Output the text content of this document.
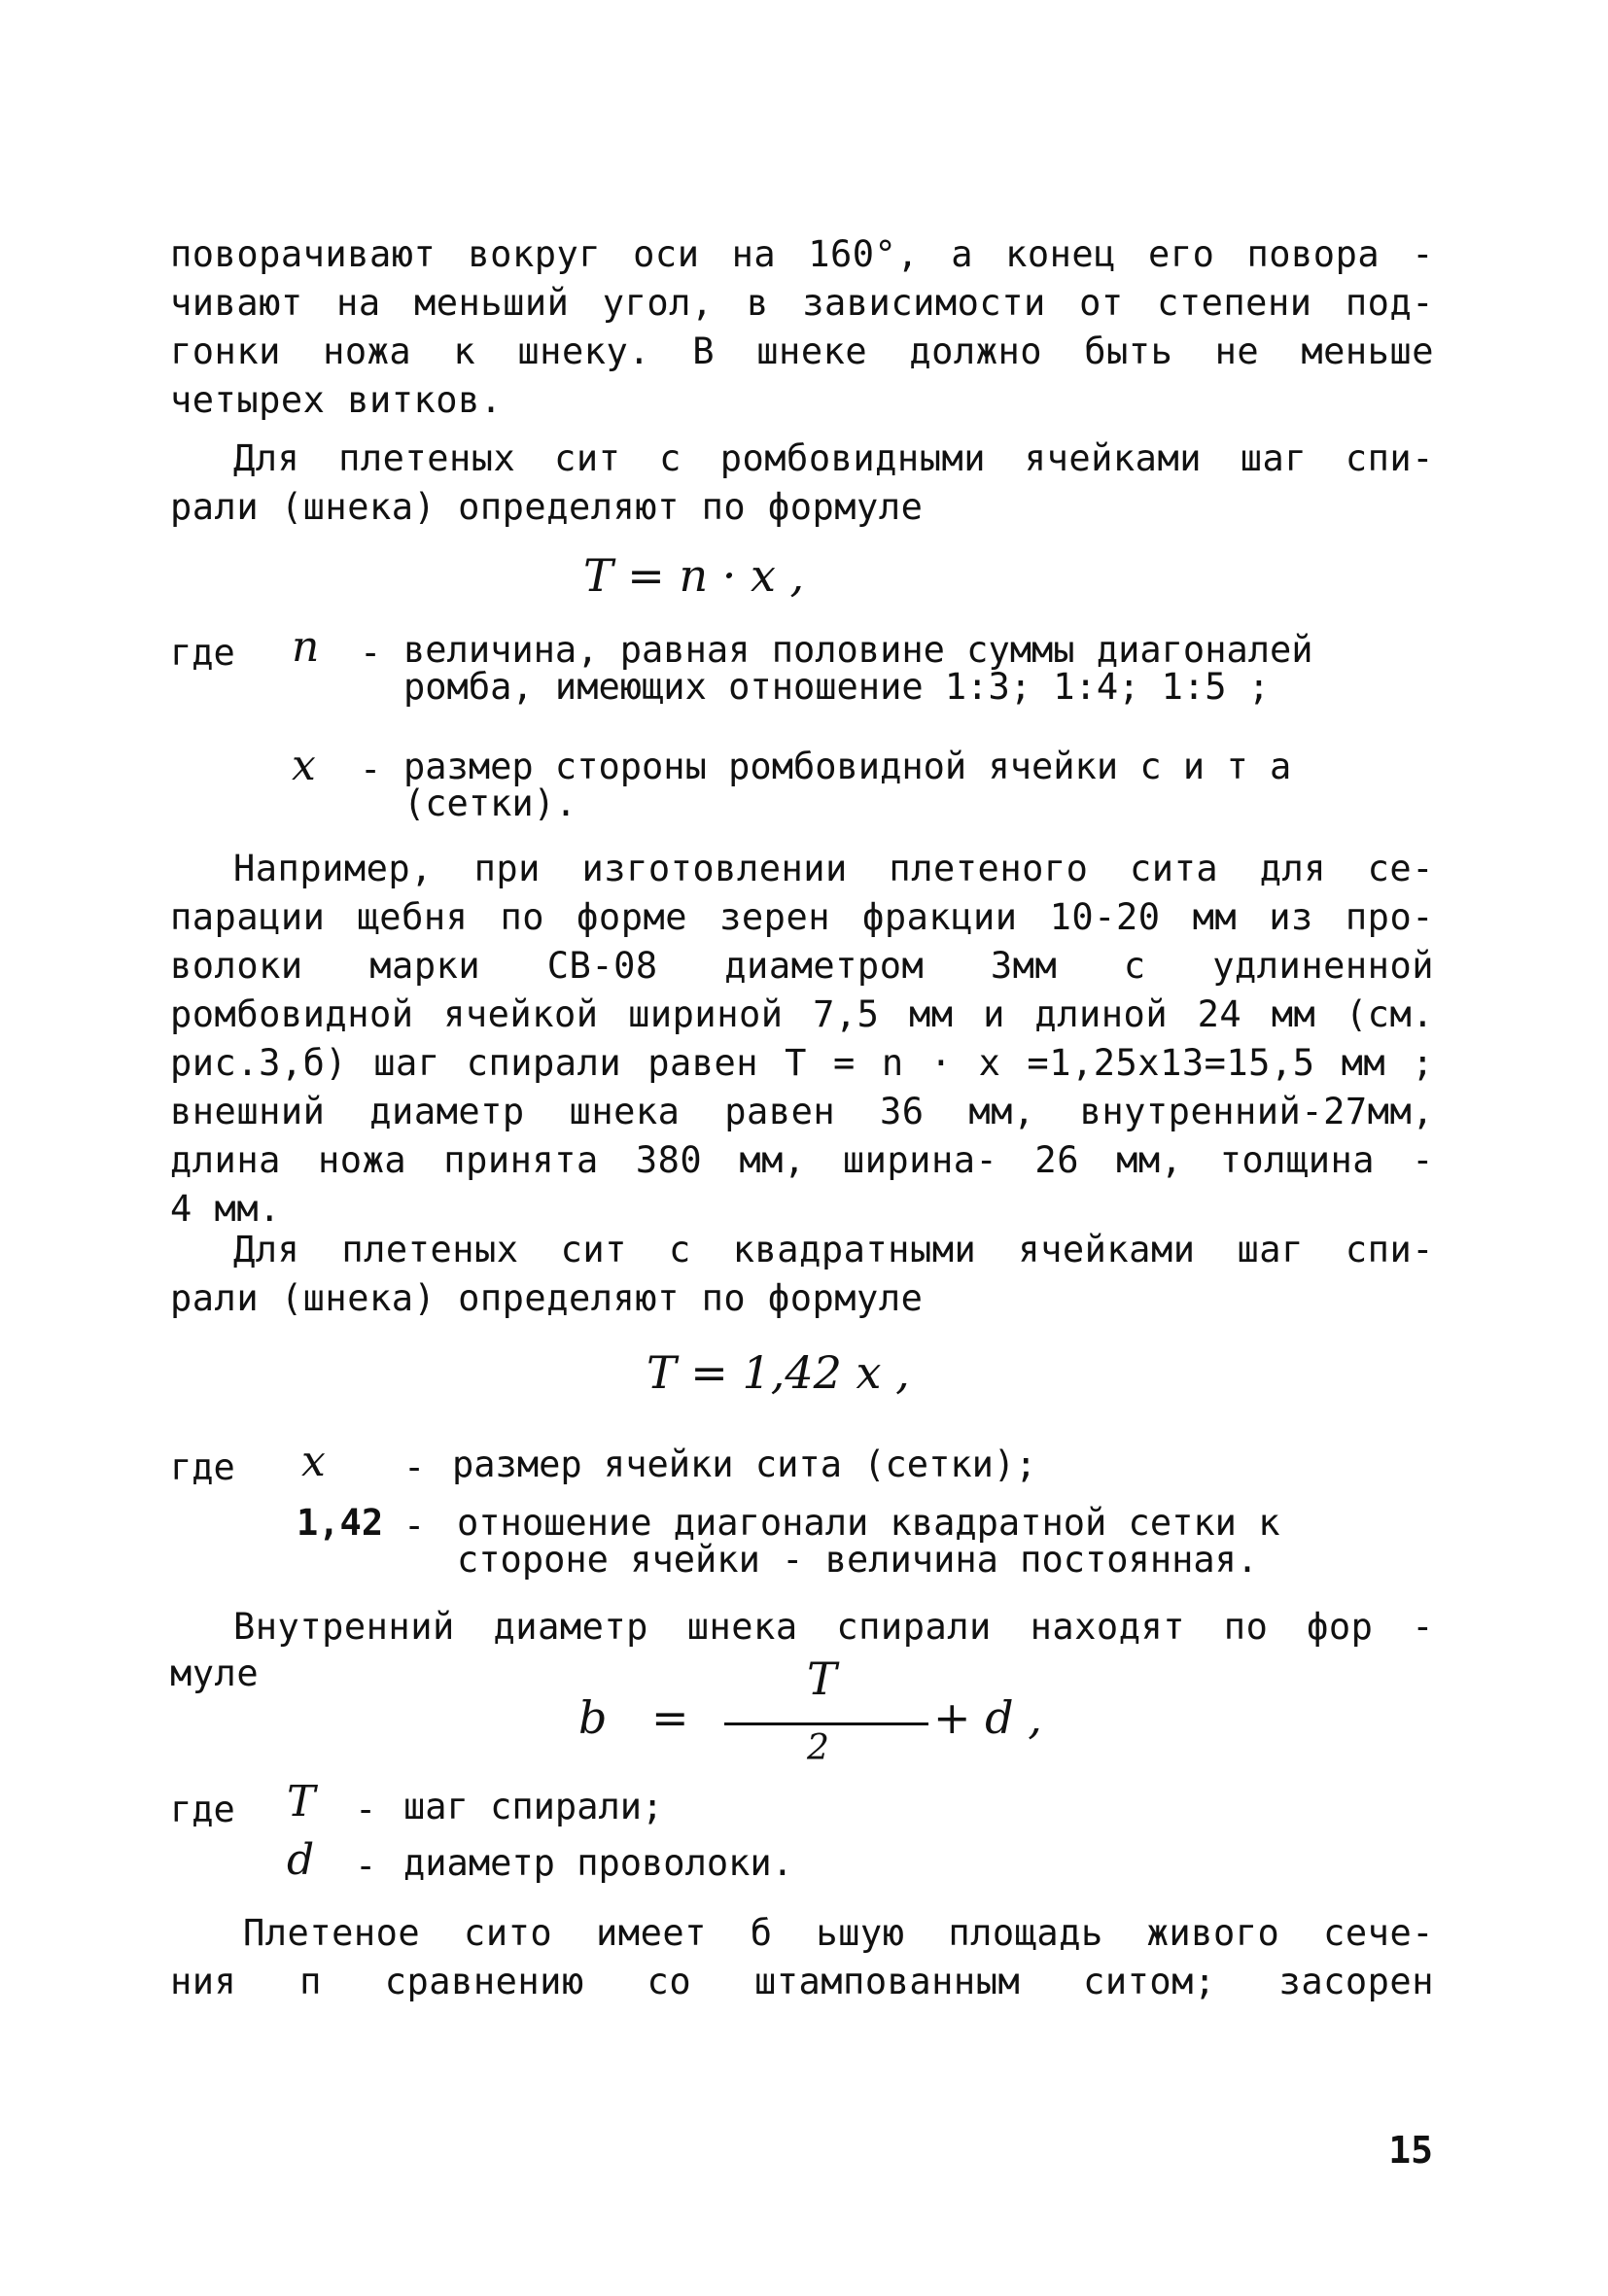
поворачивают вокруг оси на 160°, а конец его повора -
чивают на меньший угол, в зависимости от степени под-
гонки ножа к шнеку. В шнеке должно быть не меньше
четырех витков.
Для плетеных сит с ромбовидными ячейками шаг спи-
рали (шнека) определяют по формуле
T = n · x ,
где n - величина, равная половине суммы диагоналей
ромба, имеющих отношение 1:3; 1:4; 1:5 ;
x - размер стороны ромбовидной ячейки с и т а
(сетки).
Например, при изготовлении плетеного сита для се-
парации щебня по форме зерен фракции 10-20 мм из про-
волоки марки СВ-08 диаметром 3мм с удлиненной
ромбовидной ячейкой шириной 7,5 мм и длиной 24 мм (см.
рис.3,б) шаг спирали равен T = n · x =1,25х13=15,5 мм ;
внешний диаметр шнека равен 36 мм, внутренний-27мм,
длина ножа принята 380 мм, ширина- 26 мм, толщина -
4 мм.
Для плетеных сит с квадратными ячейками шаг спи-
рали (шнека) определяют по формуле
T = 1,42 x ,
где x - размер ячейки сита (сетки);
1,42 - отношение диагонали квадратной сетки к
стороне ячейки - величина постоянная.
Внутренний диаметр шнека спирали находят по фор -
муле
b =
T
2
+ d ,
где T - шаг спирали;
d - диаметр проволоки.
Плетеное сито имеет б ьшую площадь живого сече-
ния п сравнению со штампованным ситом; засорен
15
